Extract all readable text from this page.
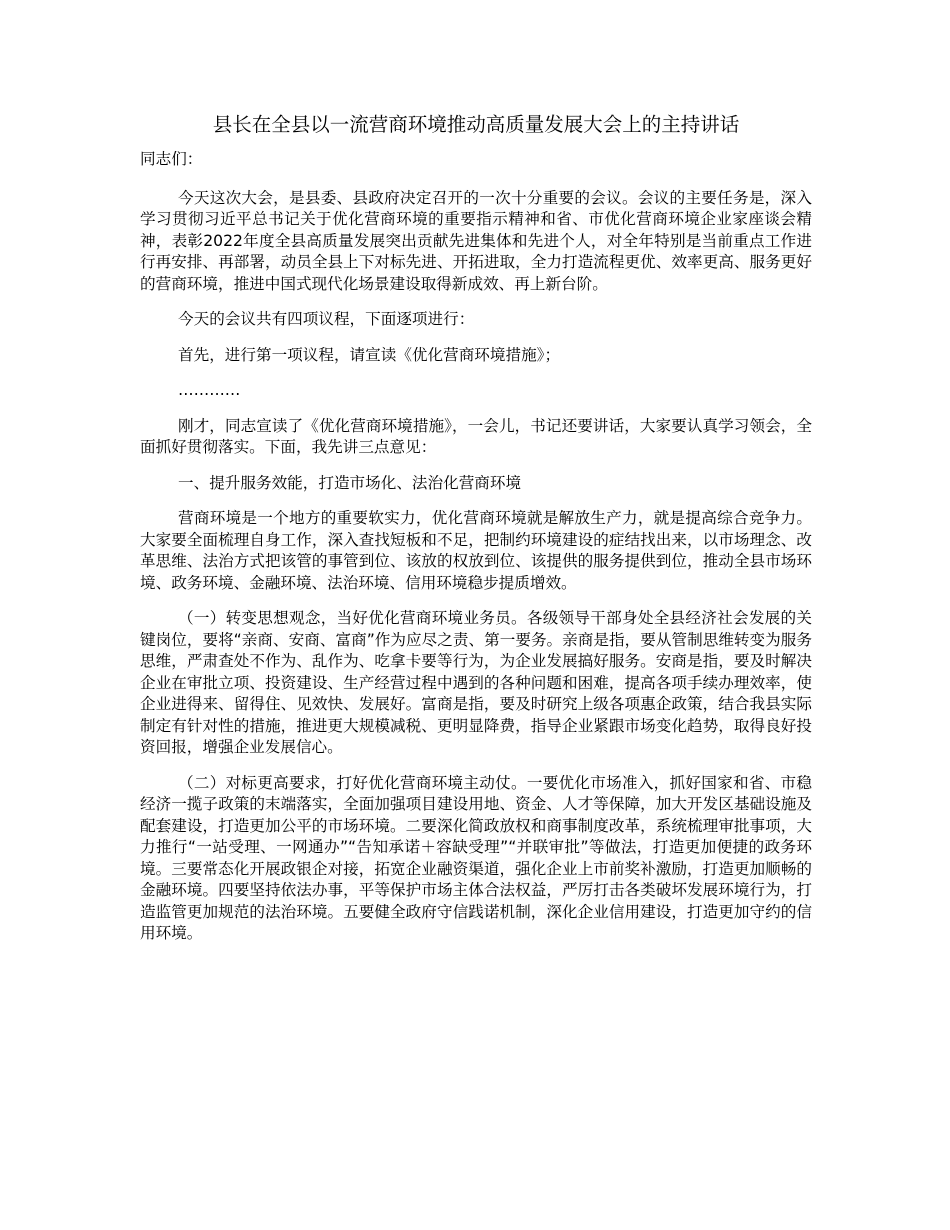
县长在全县以一流营商环境推动高质量发展大会上的主持讲话

同志们：

今天这次大会，是县委、县政府决定召开的一次十分重要的会议。会议的主要任务是，深入学习贯彻习近平总书记关于优化营商环境的重要指示精神和省、市优化营商环境企业家座谈会精神，表彰2022年度全县高质量发展突出贡献先进集体和先进个人，对全年特别是当前重点工作进行再安排、再部署，动员全县上下对标先进、开拓进取，全力打造流程更优、效率更高、服务更好的营商环境，推进中国式现代化场景建设取得新成效、再上新台阶。

今天的会议共有四项议程，下面逐项进行：

首先，进行第一项议程，请宣读《优化营商环境措施》；

…………

刚才，同志宣读了《优化营商环境措施》，一会儿，书记还要讲话，大家要认真学习领会，全面抓好贯彻落实。下面，我先讲三点意见：

一、提升服务效能，打造市场化、法治化营商环境

营商环境是一个地方的重要软实力，优化营商环境就是解放生产力，就是提高综合竞争力。大家要全面梳理自身工作，深入查找短板和不足，把制约环境建设的症结找出来，以市场理念、改革思维、法治方式把该管的事管到位、该放的权放到位、该提供的服务提供到位，推动全县市场环境、政务环境、金融环境、法治环境、信用环境稳步提质增效。

（一）转变思想观念，当好优化营商环境业务员。各级领导干部身处全县经济社会发展的关键岗位，要将“亲商、安商、富商”作为应尽之责、第一要务。亲商是指，要从管制思维转变为服务思维，严肃查处不作为、乱作为、吃拿卡要等行为，为企业发展搞好服务。安商是指，要及时解决企业在审批立项、投资建设、生产经营过程中遇到的各种问题和困难，提高各项手续办理效率，使企业进得来、留得住、见效快、发展好。富商是指，要及时研究上级各项惠企政策，结合我县实际制定有针对性的措施，推进更大规模减税、更明显降费，指导企业紧跟市场变化趋势，取得良好投资回报，增强企业发展信心。

（二）对标更高要求，打好优化营商环境主动仗。一要优化市场准入，抓好国家和省、市稳经济一揽子政策的末端落实，全面加强项目建设用地、资金、人才等保障，加大开发区基础设施及配套建设，打造更加公平的市场环境。二要深化简政放权和商事制度改革，系统梳理审批事项，大力推行“一站受理、一网通办”“告知承诺＋容缺受理”“并联审批”等做法，打造更加便捷的政务环境。三要常态化开展政银企对接，拓宽企业融资渠道，强化企业上市前奖补激励，打造更加顺畅的金融环境。四要坚持依法办事，平等保护市场主体合法权益，严厉打击各类破坏发展环境行为，打造监管更加规范的法治环境。五要健全政府守信践诺机制，深化企业信用建设，打造更加守约的信用环境。
